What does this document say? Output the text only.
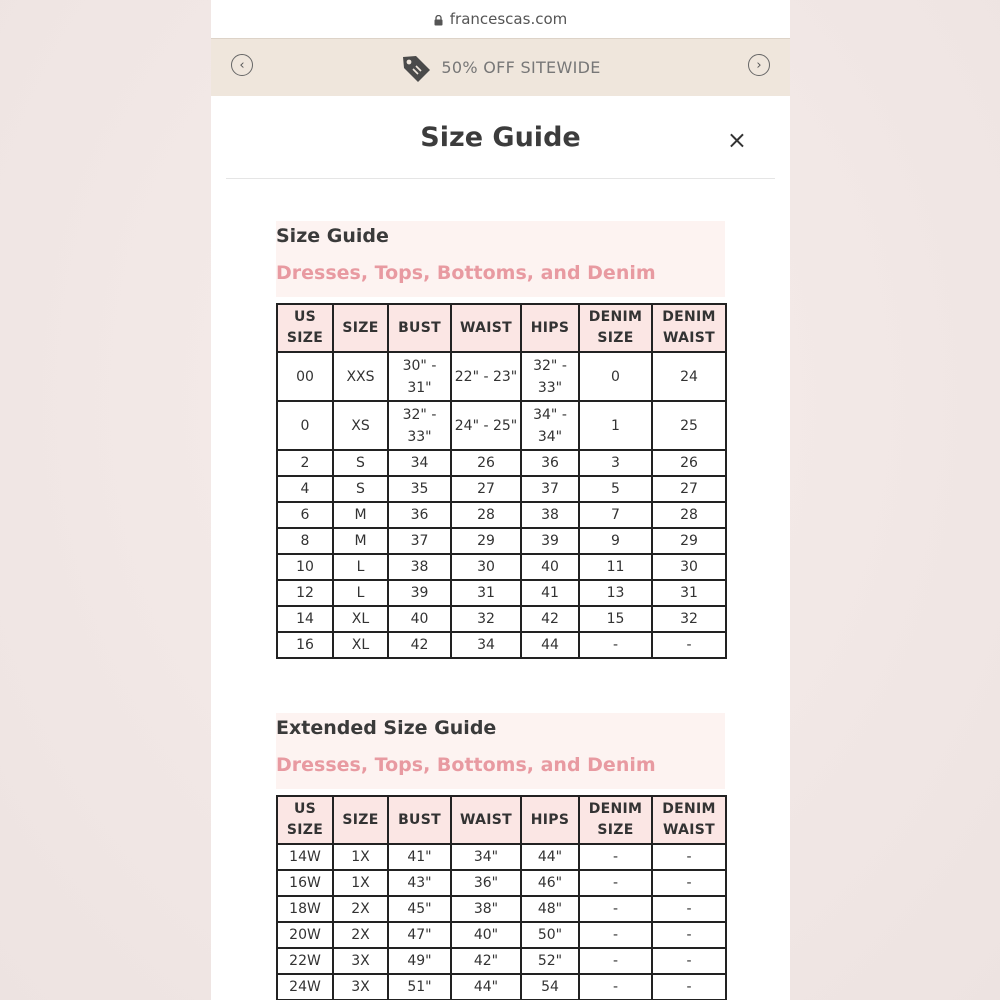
francescas.com
‹	50% OFF SITEWIDE	›
Size Guide	×
Size Guide
Dresses, Tops, Bottoms, and Denim
US SIZE	SIZE	BUST	WAIST	HIPS	DENIM SIZE	DENIM WAIST
00	XXS	30" - 31"	22" - 23"	32" - 33"	0	24
0	XS	32" - 33"	24" - 25"	34" - 34"	1	25
2	S	34	26	36	3	26
4	S	35	27	37	5	27
6	M	36	28	38	7	28
8	M	37	29	39	9	29
10	L	38	30	40	11	30
12	L	39	31	41	13	31
14	XL	40	32	42	15	32
16	XL	42	34	44	-	-
Extended Size Guide
Dresses, Tops, Bottoms, and Denim
US SIZE	SIZE	BUST	WAIST	HIPS	DENIM SIZE	DENIM WAIST
14W	1X	41"	34"	44"	-	-
16W	1X	43"	36"	46"	-	-
18W	2X	45"	38"	48"	-	-
20W	2X	47"	40"	50"	-	-
22W	3X	49"	42"	52"	-	-
24W	3X	51"	44"	54	-	-
